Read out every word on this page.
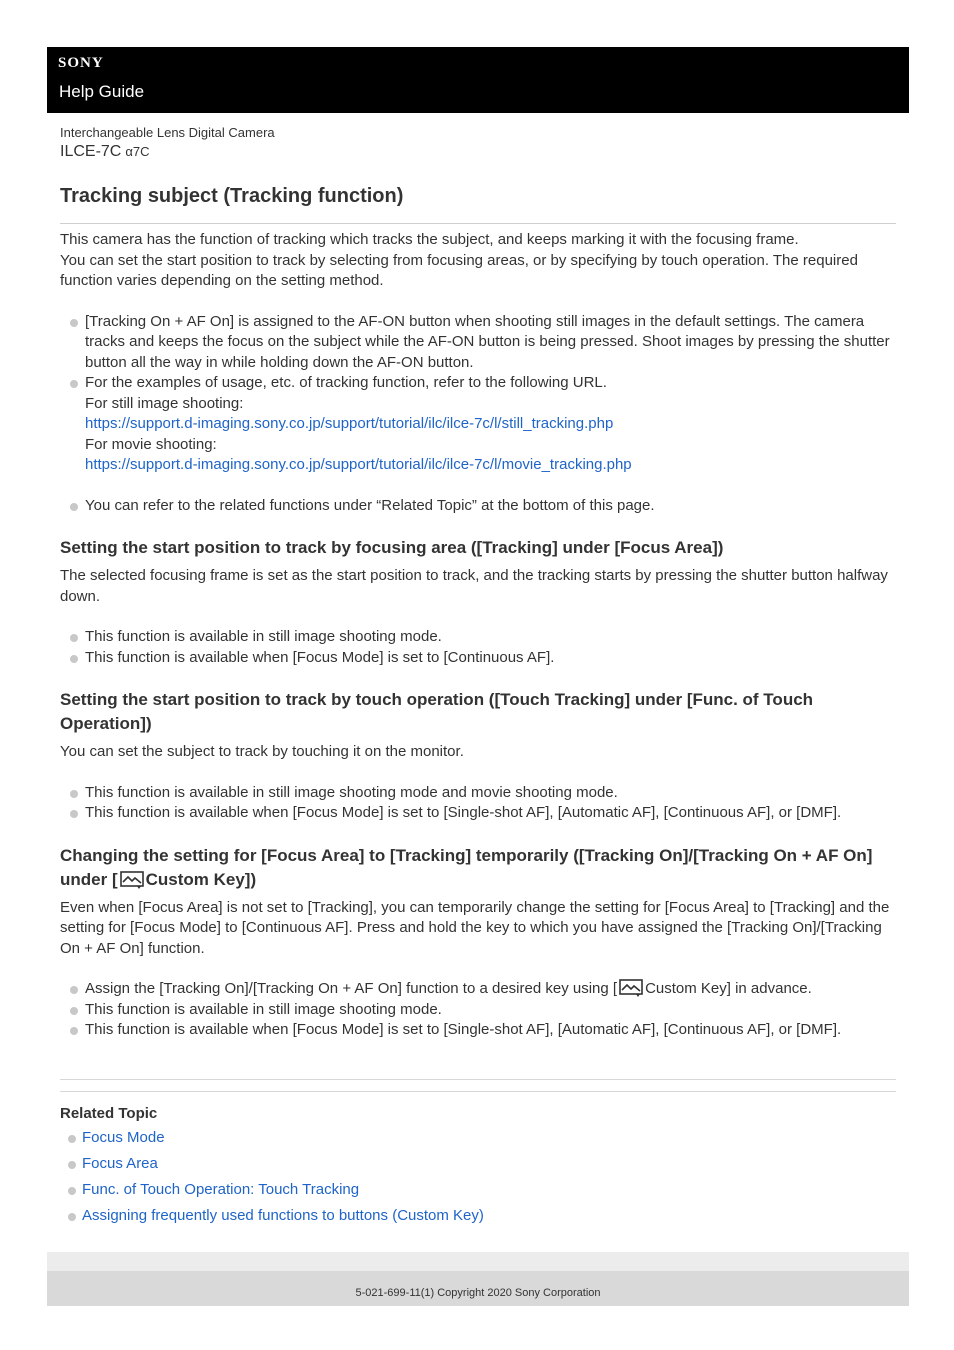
SONY
Help Guide
Interchangeable Lens Digital Camera
ILCE-7C α7C
Tracking subject (Tracking function)

This camera has the function of tracking which tracks the subject, and keeps marking it with the focusing frame.
You can set the start position to track by selecting from focusing areas, or by specifying by touch operation. The required function varies depending on the setting method.

[Tracking On + AF On] is assigned to the AF-ON button when shooting still images in the default settings. The camera tracks and keeps the focus on the subject while the AF-ON button is being pressed. Shoot images by pressing the shutter button all the way in while holding down the AF-ON button.
For the examples of usage, etc. of tracking function, refer to the following URL.
For still image shooting:
https://support.d-imaging.sony.co.jp/support/tutorial/ilc/ilce-7c/l/still_tracking.php
For movie shooting:
https://support.d-imaging.sony.co.jp/support/tutorial/ilc/ilce-7c/l/movie_tracking.php
You can refer to the related functions under “Related Topic” at the bottom of this page.
Setting the start position to track by focusing area ([Tracking] under [Focus Area])

The selected focusing frame is set as the start position to track, and the tracking starts by pressing the shutter button halfway down.

This function is available in still image shooting mode.
This function is available when [Focus Mode] is set to [Continuous AF].
Setting the start position to track by touch operation ([Touch Tracking] under [Func. of Touch Operation])

You can set the subject to track by touching it on the monitor.

This function is available in still image shooting mode and movie shooting mode.
This function is available when [Focus Mode] is set to [Single-shot AF], [Automatic AF], [Continuous AF], or [DMF].
Changing the setting for [Focus Area] to [Tracking] temporarily ([Tracking On]/[Tracking On + AF On] under [ Custom Key])

Even when [Focus Area] is not set to [Tracking], you can temporarily change the setting for [Focus Area] to [Tracking] and the setting for [Focus Mode] to [Continuous AF]. Press and hold the key to which you have assigned the [Tracking On]/[Tracking On + AF On] function.

Assign the [Tracking On]/[Tracking On + AF On] function to a desired key using [ Custom Key] in advance.
This function is available in still image shooting mode.
This function is available when [Focus Mode] is set to [Single-shot AF], [Automatic AF], [Continuous AF], or [DMF].
Related Topic
Focus Mode
Focus Area
Func. of Touch Operation: Touch Tracking
Assigning frequently used functions to buttons (Custom Key)
5-021-699-11(1) Copyright 2020 Sony Corporation
